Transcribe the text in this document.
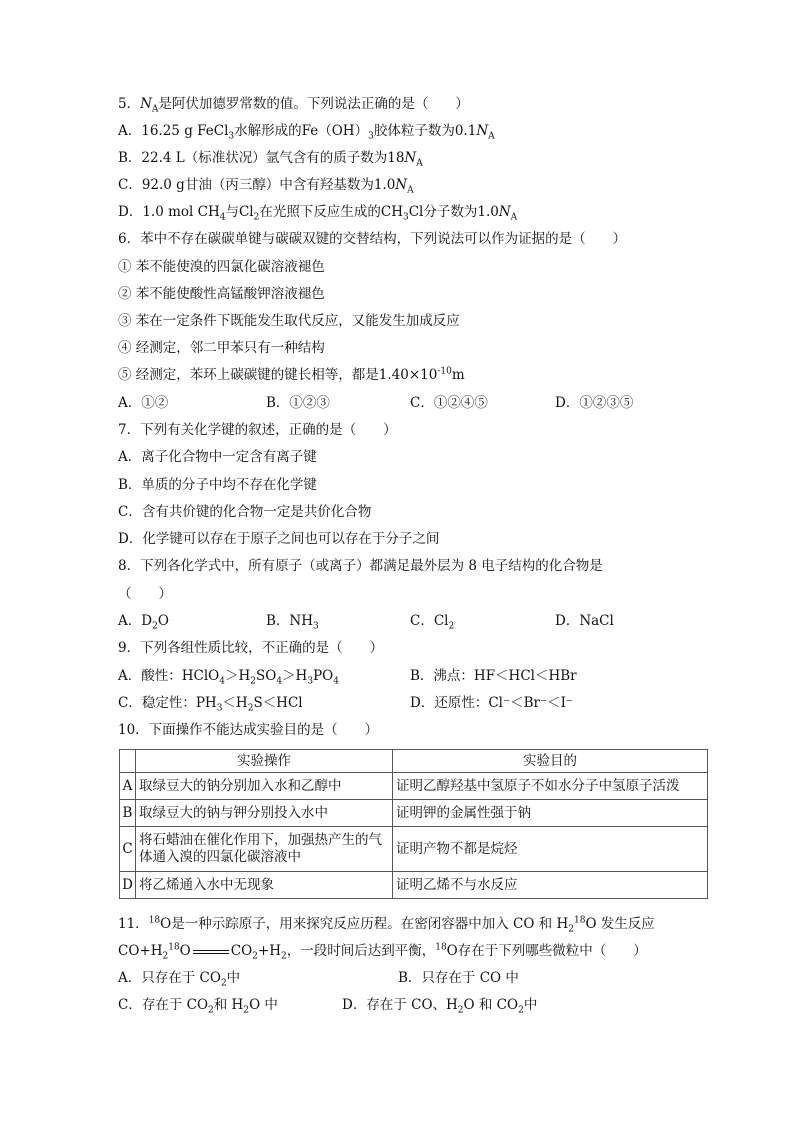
5．$N_A$是阿伏加德罗常数的值。下列说法正确的是（　　）
A．16.25 g FeCl$_3$水解形成的$Fe(OH)_3$胶体粒子数为$0.1N_A$
B．22.4 L（标准状况）氩气含有的质子数为$18N_A$
C．92.0 g甘油（丙三醇）中含有羟基数为$1.0N_A$
D．1.0 mol $CH_4$与$Cl_2$在光照下反应生成的$CH_3Cl$分子数为$1.0N_A$
6．苯中不存在碳碳单键与碳碳双键的交替结构，下列说法可以作为证据的是（　　）
① 苯不能使溴的四氯化碳溶液褪色
② 苯不能使酸性高锰酸钾溶液褪色
③ 苯在一定条件下既能发生取代反应，又能发生加成反应
④ 经测定，邻二甲苯只有一种结构
⑤ 经测定，苯环上碳碳键的键长相等，都是$1.40\times 10^{-10}m$
A．①②	B．①②③	C．①②④⑤	D．①②③⑤
7．下列有关化学键的叙述，正确的是（　　）
A．离子化合物中一定含有离子键
B．单质的分子中均不存在化学键
C．含有共价键的化合物一定是共价化合物
D．化学键可以存在于原子之间也可以存在于分子之间
8．下列各化学式中，所有原子（或离子）都满足最外层为 8 电子结构的化合物是
（　　）
A．$D_2O$	B．$NH_3$	C．$Cl_2$	D．NaCl
9．下列各组性质比较，不正确的是（　　）
A．酸性：$HClO_4>H_2SO_4>H_3PO_4$	B．沸点：HF＜HCl＜HBr
C．稳定性：$PH_3<H_2S<HCl$	D．还原性：Cl⁻＜Br⁻＜I⁻
10．下面操作不能达成实验目的是（　　）
	实验操作	实验目的
A	取绿豆大的钠分别加入水和乙醇中	证明乙醇羟基中氢原子不如水分子中氢原子活泼
B	取绿豆大的钠与钾分别投入水中	证明钾的金属性强于钠
C	将石蜡油在催化作用下，加强热产生的气体通入溴的四氯化碳溶液中	证明产物不都是烷烃
D	将乙烯通入水中无现象	证明乙烯不与水反应
11．$^{18}$O是一种示踪原子，用来探究反应历程。在密闭容器中加入 CO 和 $H_2^{18}O$ 发生反应
$CO+H_2^{18}O$	$CO_2+H_2$，一段时间后达到平衡，$^{18}$O存在于下列哪些微粒中（　　）
A．只存在于 $CO_2$中	B．只存在于 CO 中
C．存在于 $CO_2$和 $H_2O$ 中	D．存在于 CO、$H_2O$ 和 $CO_2$中
